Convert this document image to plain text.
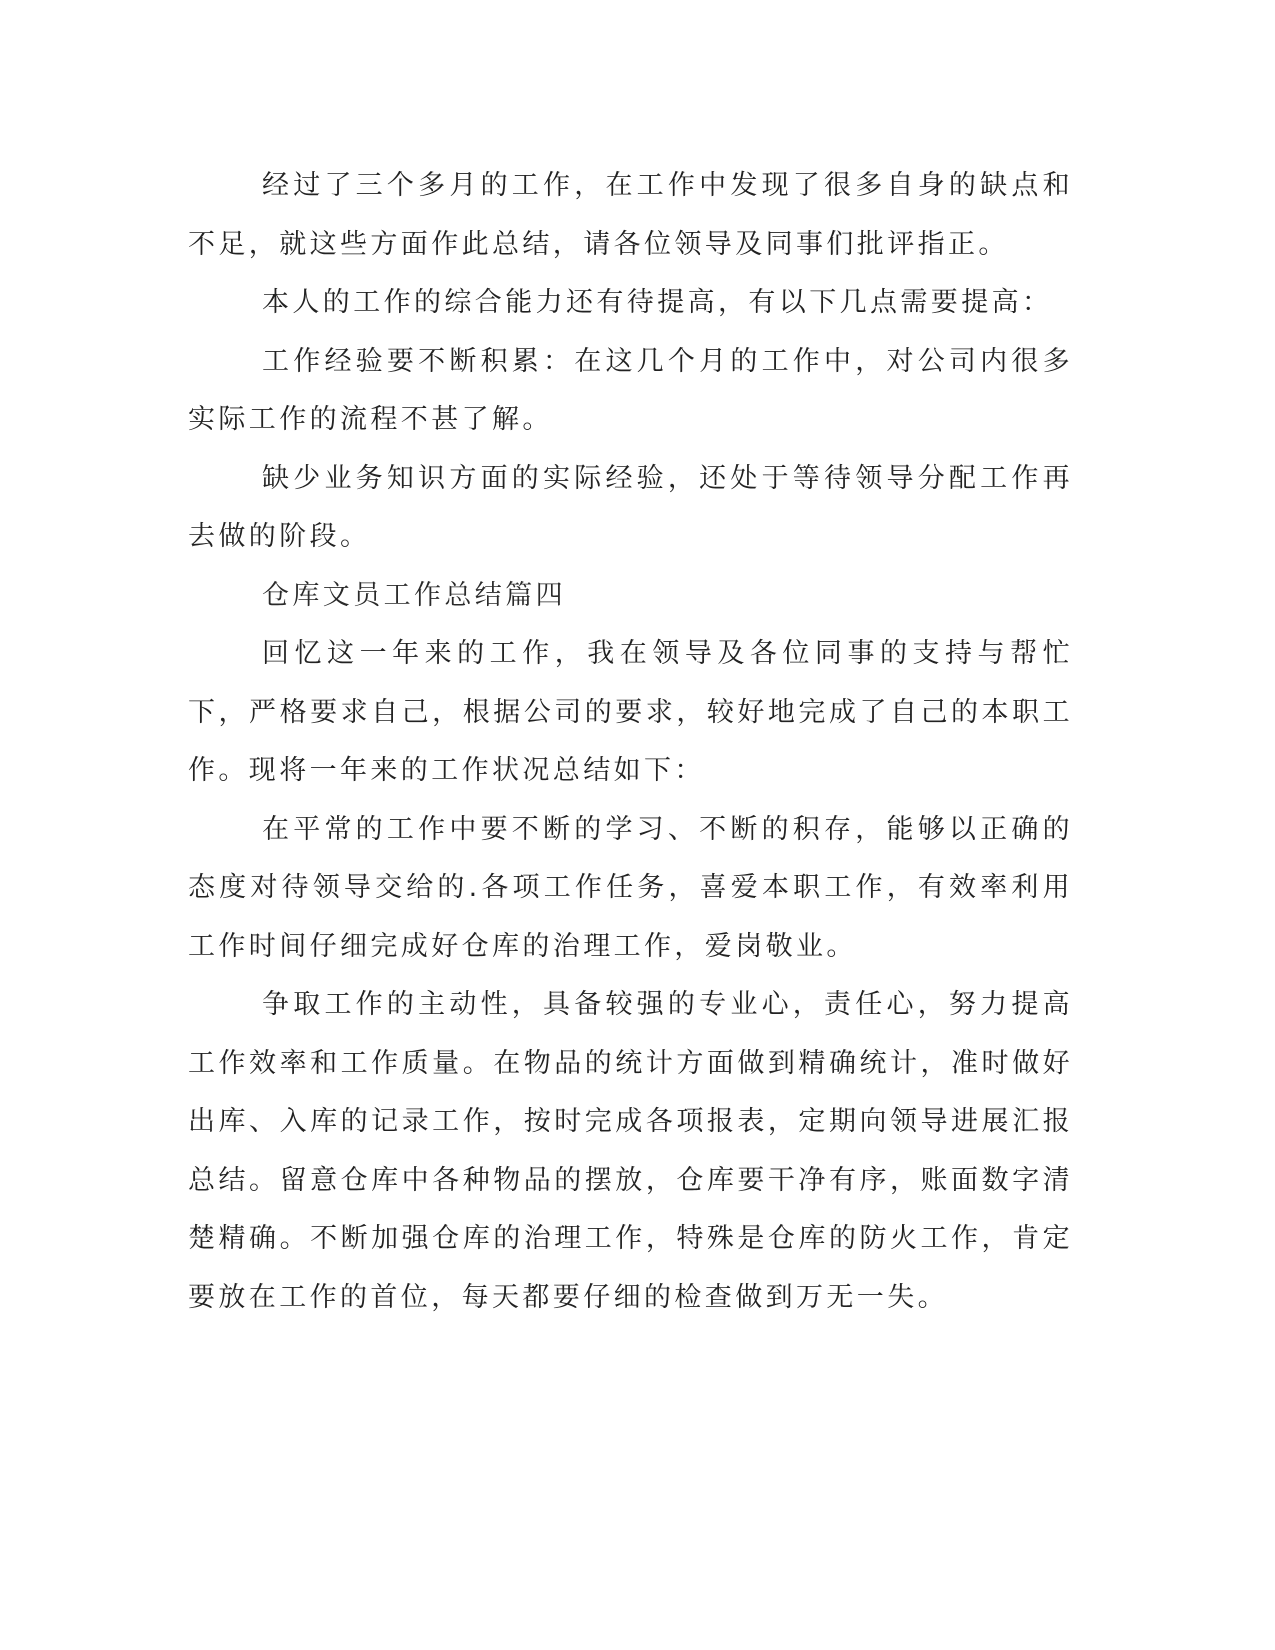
经过了三个多月的工作，在工作中发现了很多自身的缺点和不足，就这些方面作此总结，请各位领导及同事们批评指正。

本人的工作的综合能力还有待提高，有以下几点需要提高：

工作经验要不断积累：在这几个月的工作中，对公司内很多实际工作的流程不甚了解。

缺少业务知识方面的实际经验，还处于等待领导分配工作再去做的阶段。

仓库文员工作总结篇四

回忆这一年来的工作，我在领导及各位同事的支持与帮忙下，严格要求自己，根据公司的要求，较好地完成了自己的本职工作。现将一年来的工作状况总结如下：

在平常的工作中要不断的学习、不断的积存，能够以正确的态度对待领导交给的.各项工作任务，喜爱本职工作，有效率利用工作时间仔细完成好仓库的治理工作，爱岗敬业。

争取工作的主动性，具备较强的专业心，责任心，努力提高工作效率和工作质量。在物品的统计方面做到精确统计，准时做好出库、入库的记录工作，按时完成各项报表，定期向领导进展汇报总结。留意仓库中各种物品的摆放，仓库要干净有序，账面数字清楚精确。不断加强仓库的治理工作，特殊是仓库的防火工作，肯定要放在工作的首位，每天都要仔细的检查做到万无一失。
